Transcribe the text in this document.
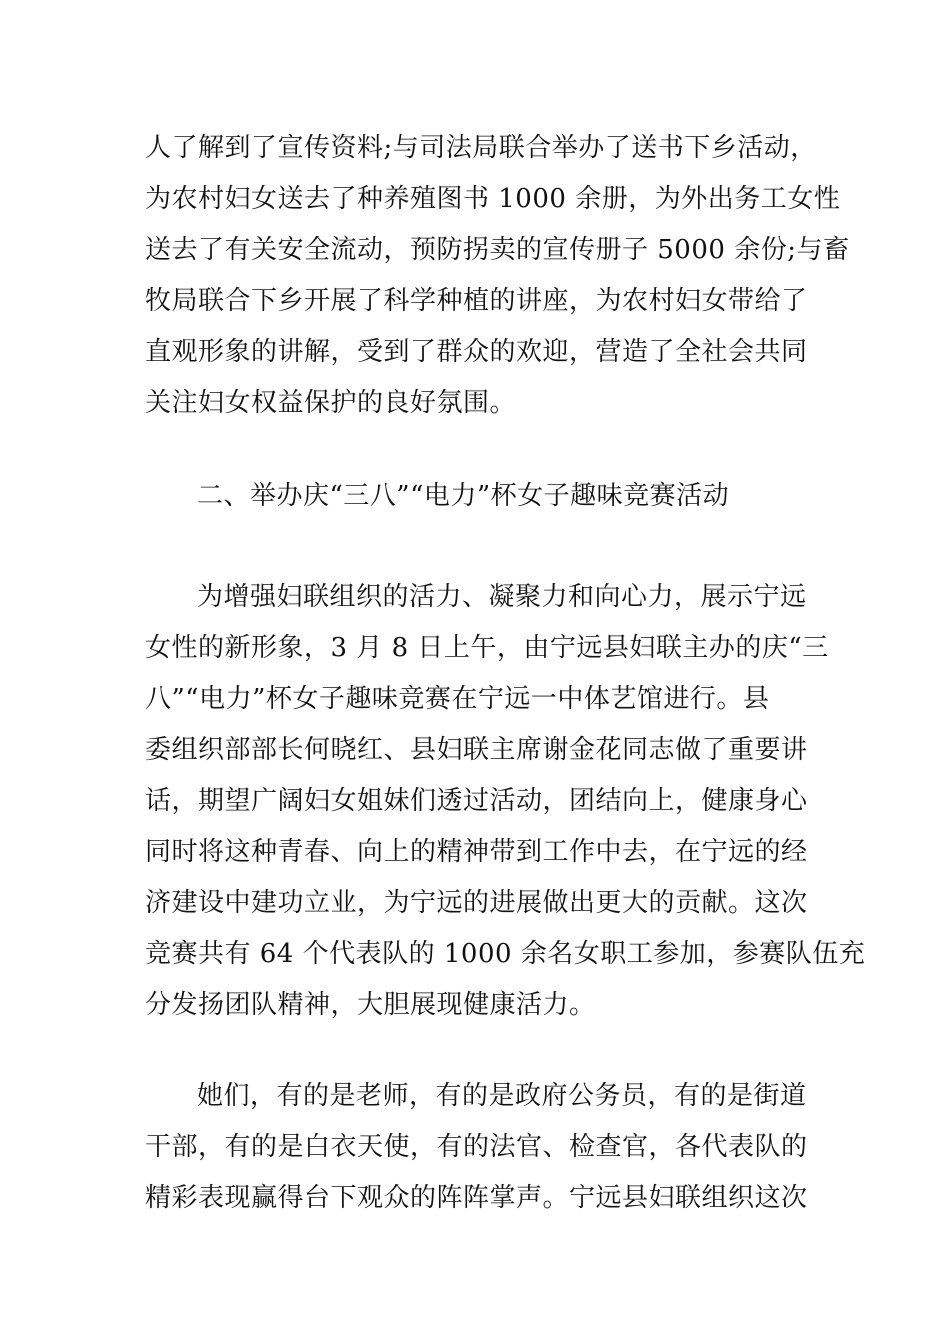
人了解到了宣传资料;与司法局联合举办了送书下乡活动，
为农村妇女送去了种养殖图书 1000 余册，为外出务工女性
送去了有关安全流动，预防拐卖的宣传册子 5000 余份;与畜
牧局联合下乡开展了科学种植的讲座，为农村妇女带给了
直观形象的讲解，受到了群众的欢迎，营造了全社会共同
关注妇女权益保护的良好氛围。
二、举办庆“三八”“电力”杯女子趣味竞赛活动
为增强妇联组织的活力、凝聚力和向心力，展示宁远
女性的新形象，3 月 8 日上午，由宁远县妇联主办的庆“三
八”“电力”杯女子趣味竞赛在宁远一中体艺馆进行。县
委组织部部长何晓红、县妇联主席谢金花同志做了重要讲
话，期望广阔妇女姐妹们透过活动，团结向上，健康身心
同时将这种青春、向上的精神带到工作中去，在宁远的经
济建设中建功立业，为宁远的进展做出更大的贡献。这次
竞赛共有 64 个代表队的 1000 余名女职工参加，参赛队伍充
分发扬团队精神，大胆展现健康活力。
她们，有的是老师，有的是政府公务员，有的是街道
干部，有的是白衣天使，有的法官、检查官，各代表队的
精彩表现赢得台下观众的阵阵掌声。宁远县妇联组织这次
